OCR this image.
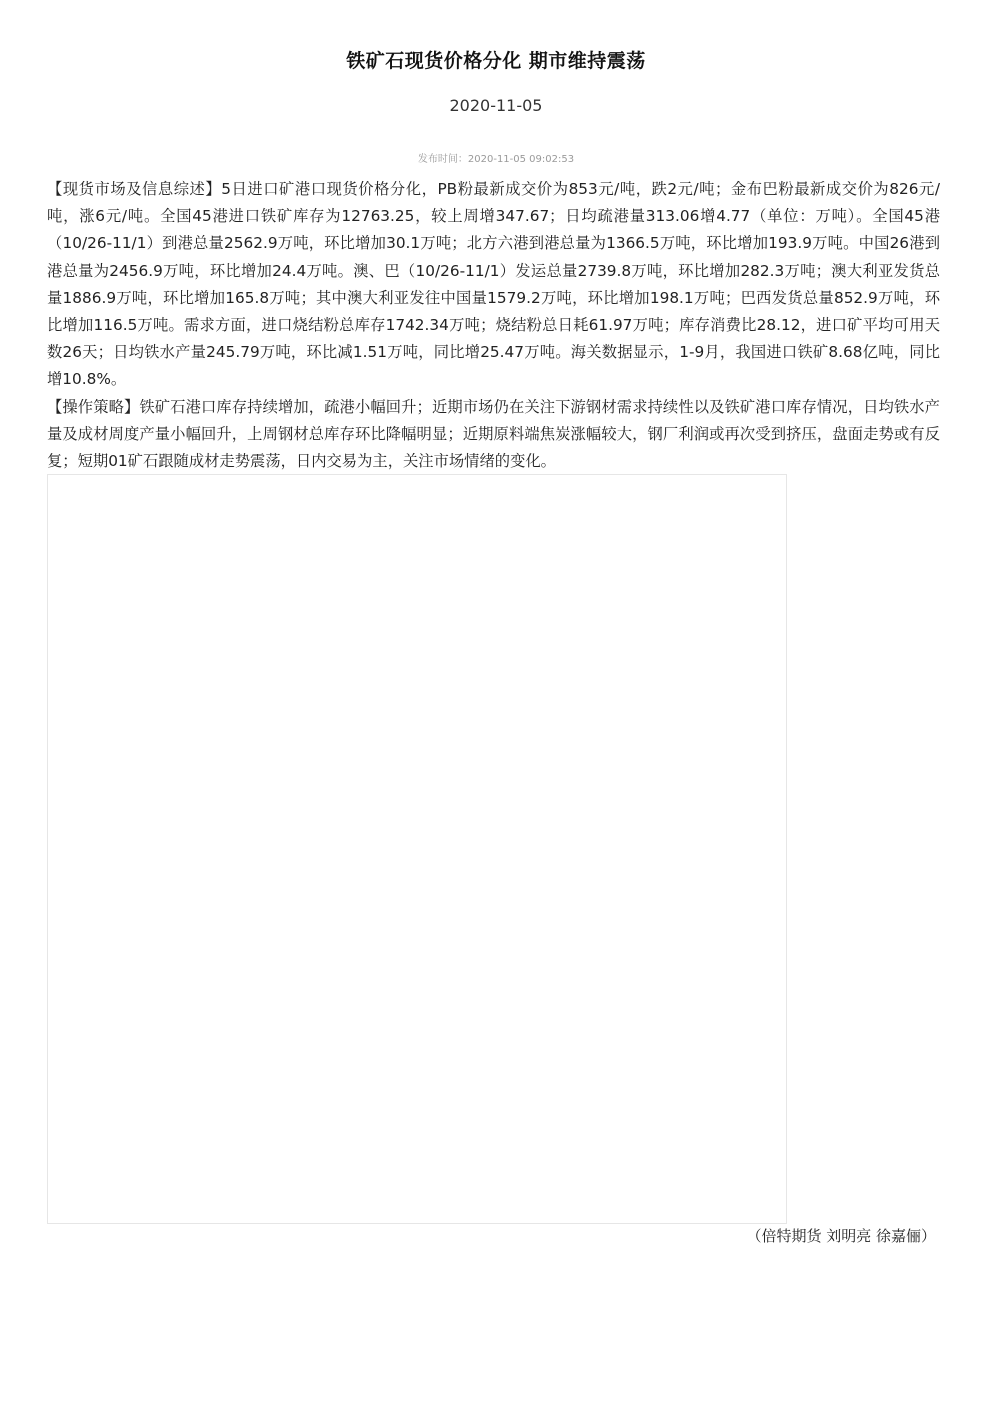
铁矿石现货价格分化 期市维持震荡
2020-11-05
发布时间：2020-11-05 09:02:53

【现货市场及信息综述】5日进口矿港口现货价格分化，PB粉最新成交价为853元/吨，跌2元/吨；金布巴粉最新成交价为826元/吨，涨6元/吨。全国45港进口铁矿库存为12763.25，较上周增347.67；日均疏港量313.06增4.77（单位：万吨）。全国45港（10/26-11/1）到港总量2562.9万吨，环比增加30.1万吨；北方六港到港总量为1366.5万吨，环比增加193.9万吨。中国26港到港总量为2456.9万吨，环比增加24.4万吨。澳、巴（10/26-11/1）发运总量2739.8万吨，环比增加282.3万吨；澳大利亚发货总量1886.9万吨，环比增加165.8万吨；其中澳大利亚发往中国量1579.2万吨，环比增加198.1万吨；巴西发货总量852.9万吨，环比增加116.5万吨。需求方面，进口烧结粉总库存1742.34万吨；烧结粉总日耗61.97万吨；库存消费比28.12，进口矿平均可用天数26天；日均铁水产量245.79万吨，环比减1.51万吨，同比增25.47万吨。海关数据显示，1-9月，我国进口铁矿8.68亿吨，同比增10.8%。

【操作策略】铁矿石港口库存持续增加，疏港小幅回升；近期市场仍在关注下游钢材需求持续性以及铁矿港口库存情况，日均铁水产量及成材周度产量小幅回升，上周钢材总库存环比降幅明显；近期原料端焦炭涨幅较大，钢厂利润或再次受到挤压，盘面走势或有反复；短期01矿石跟随成材走势震荡，日内交易为主，关注市场情绪的变化。

（倍特期货 刘明亮 徐嘉俪）
